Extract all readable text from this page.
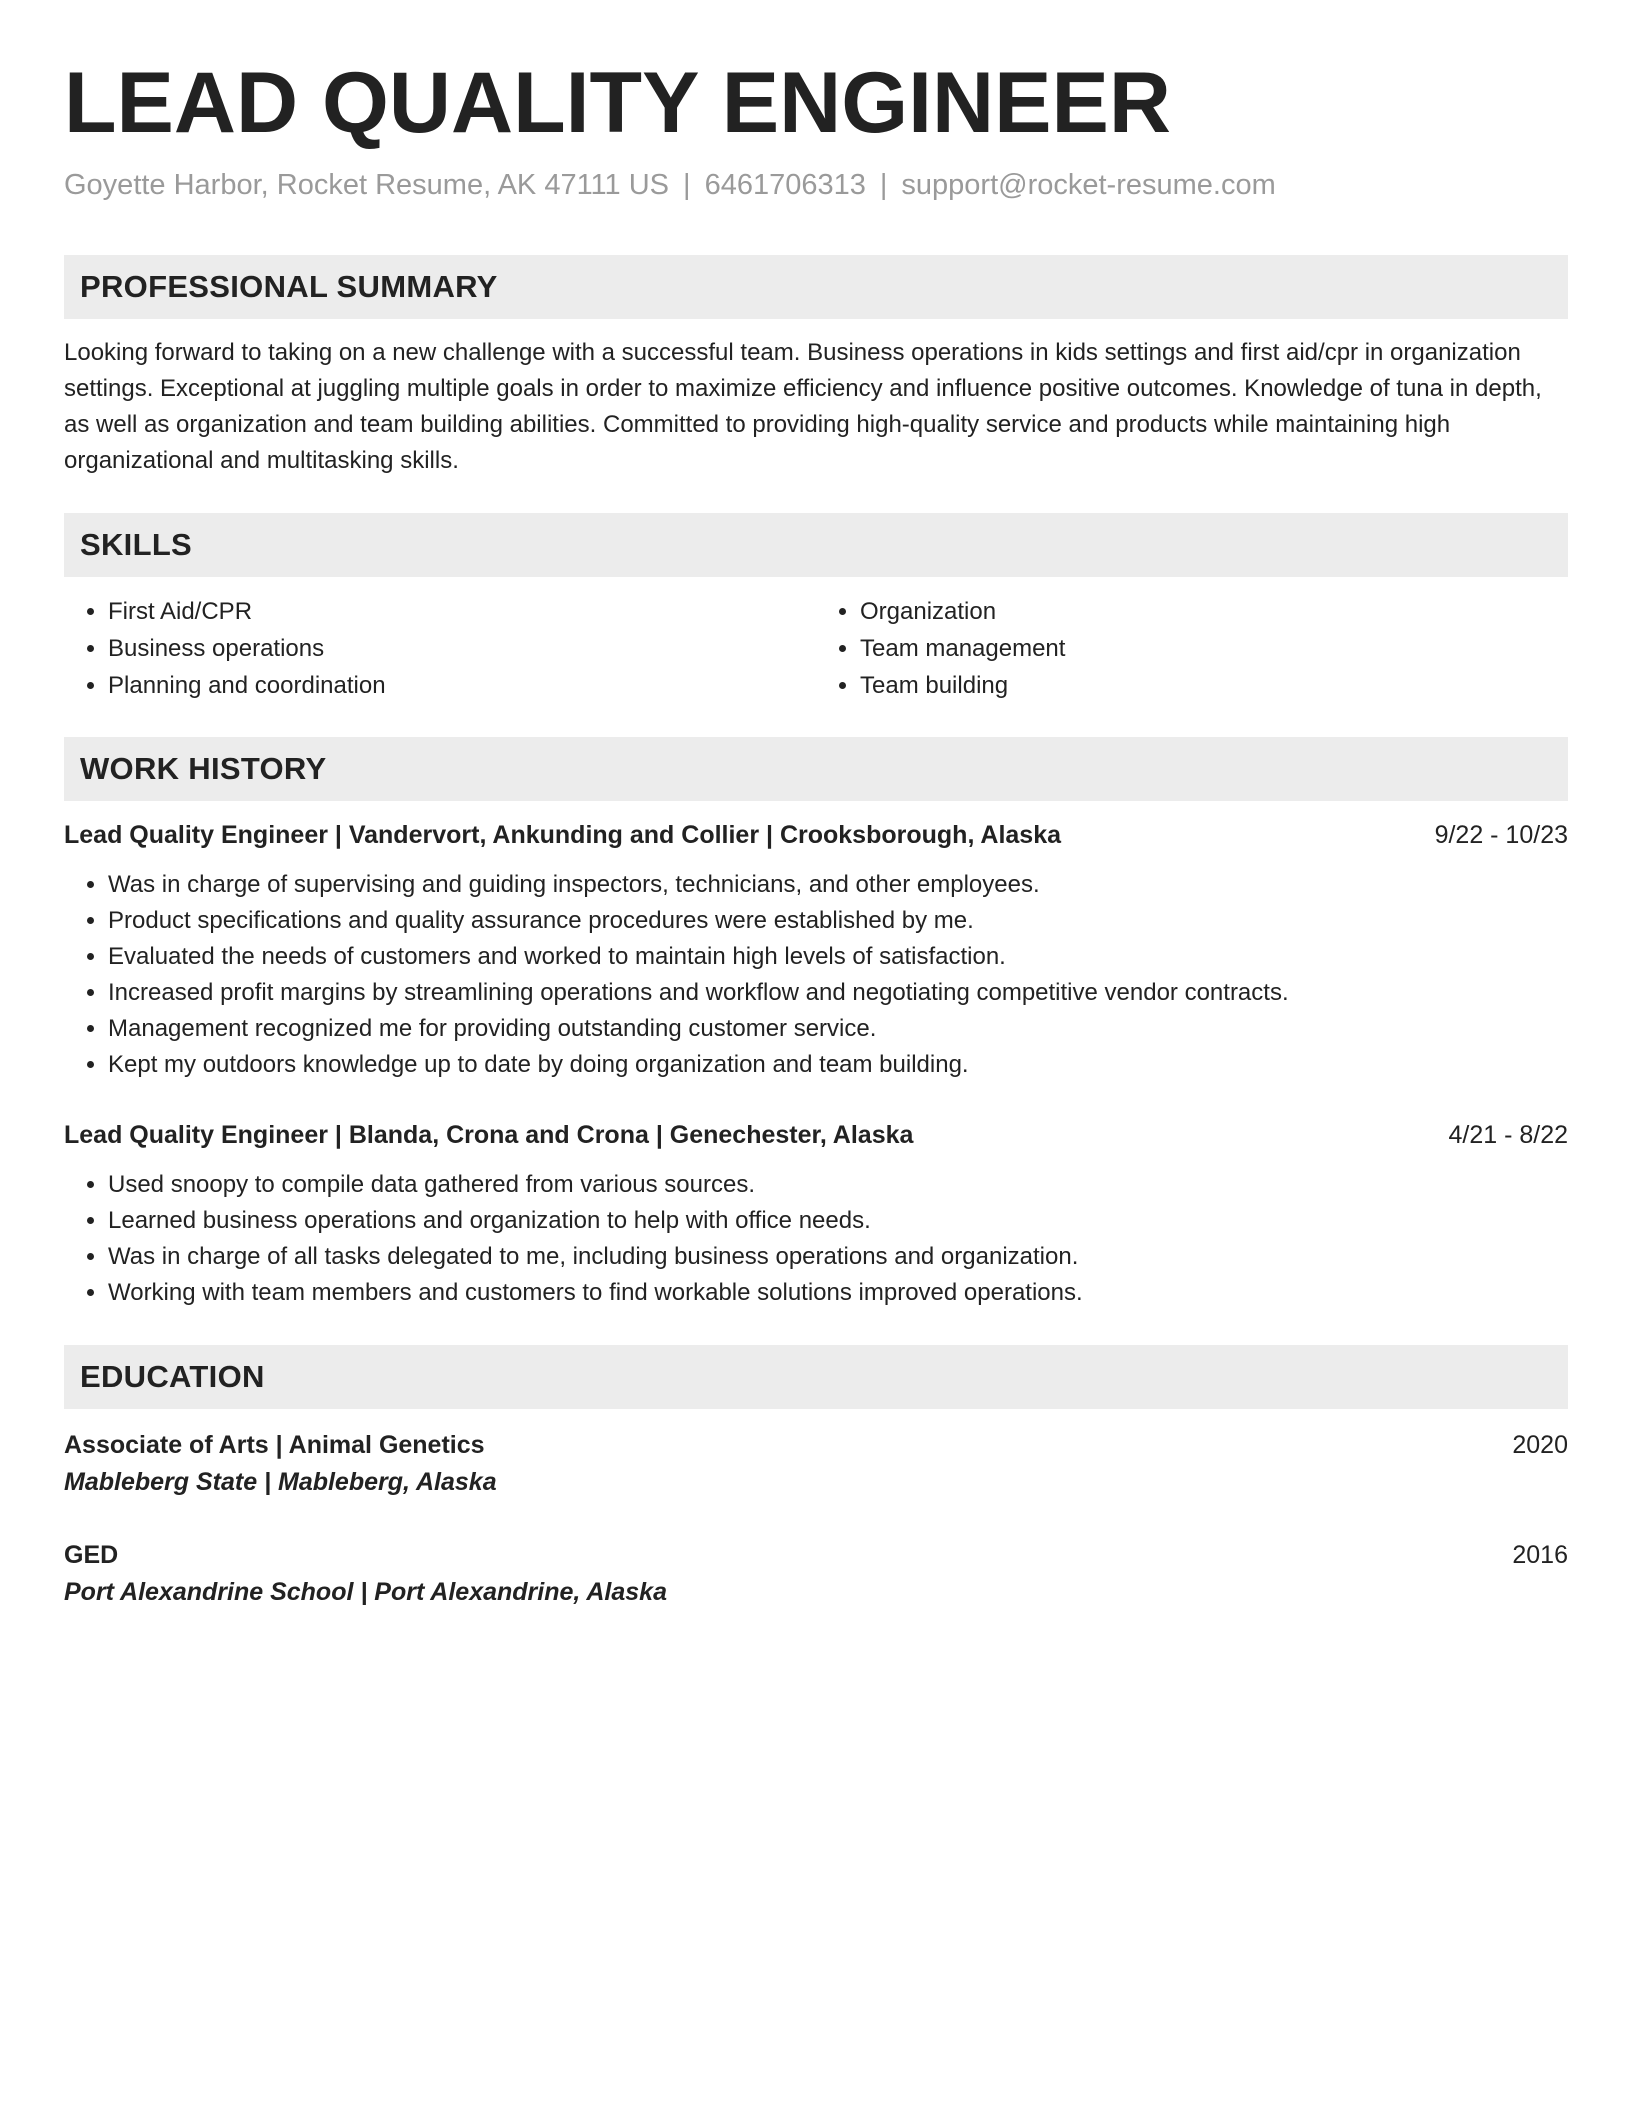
LEAD QUALITY ENGINEER
Goyette Harbor, Rocket Resume, AK 47111 US | 6461706313 | support@rocket-resume.com
PROFESSIONAL SUMMARY

Looking forward to taking on a new challenge with a successful team. Business operations in kids settings and first aid/cpr in organization settings. Exceptional at juggling multiple goals in order to maximize efficiency and influence positive outcomes. Knowledge of tuna in depth, as well as organization and team building abilities. Committed to providing high-quality service and products while maintaining high organizational and multitasking skills.

SKILLS
• First Aid/CPR
• Business operations
• Planning and coordination
• Organization
• Team management
• Team building
WORK HISTORY
Lead Quality Engineer | Vandervort, Ankunding and Collier | Crooksborough, Alaska	9/22 - 10/23
• Was in charge of supervising and guiding inspectors, technicians, and other employees.
• Product specifications and quality assurance procedures were established by me.
• Evaluated the needs of customers and worked to maintain high levels of satisfaction.
• Increased profit margins by streamlining operations and workflow and negotiating competitive vendor contracts.
• Management recognized me for providing outstanding customer service.
• Kept my outdoors knowledge up to date by doing organization and team building.
Lead Quality Engineer | Blanda, Crona and Crona | Genechester, Alaska	4/21 - 8/22
• Used snoopy to compile data gathered from various sources.
• Learned business operations and organization to help with office needs.
• Was in charge of all tasks delegated to me, including business operations and organization.
• Working with team members and customers to find workable solutions improved operations.
EDUCATION
Associate of Arts | Animal Genetics	2020
Mableberg State | Mableberg, Alaska
GED	2016
Port Alexandrine School | Port Alexandrine, Alaska
